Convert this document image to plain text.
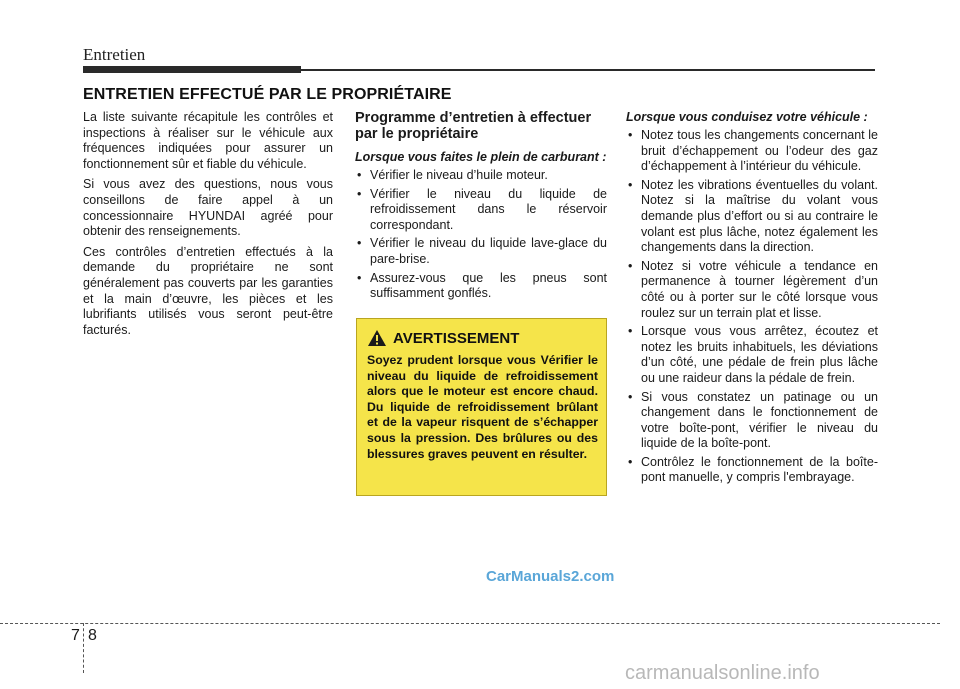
Entretien
ENTRETIEN EFFECTUÉ PAR LE PROPRIÉTAIRE

La liste suivante récapitule les contrôles et inspections à réaliser sur le véhicule aux fréquences indiquées pour assurer un fonctionnement sûr et fiable du véhicule.

Si vous avez des questions, nous vous conseillons de faire appel à un concessionnaire HYUNDAI agréé pour obtenir des renseignements.

Ces contrôles d’entretien effectués à la demande du propriétaire ne sont généralement pas couverts par les garanties et la main d’œuvre, les pièces et les lubrifiants utilisés vous seront peut-être facturés.

Programme d’entretien à effectuer par le propriétaire
Lorsque vous faites le plein de carburant :
• Vérifier le niveau d’huile moteur.
• Vérifier le niveau du liquide de refroidissement dans le réservoir correspondant.
• Vérifier le niveau du liquide lave-glace du pare-brise.
• Assurez-vous que les pneus sont suffisamment gonflés.
AVERTISSEMENT
Soyez prudent lorsque vous Vérifier le niveau du liquide de refroidissement alors que le moteur est encore chaud. Du liquide de refroidissement brûlant et de la vapeur risquent de s’échapper sous la pression. Des brûlures ou des blessures graves peuvent en résulter.
Lorsque vous conduisez votre véhicule :
• Notez tous les changements concernant le bruit d’échappement ou l’odeur des gaz d’échappement à l’intérieur du véhicule.
• Notez les vibrations éventuelles du volant. Notez si la maîtrise du volant vous demande plus d’effort ou si au contraire le volant est plus lâche, notez également les changements dans la direction.
• Notez si votre véhicule a tendance en permanence à tourner légèrement d’un côté ou à porter sur le côté lorsque vous roulez sur un terrain plat et lisse.
• Lorsque vous vous arrêtez, écoutez et notez les bruits inhabituels, les déviations d’un côté, une pédale de frein plus lâche ou une raideur dans la pédale de frein.
• Si vous constatez un patinage ou un changement dans le fonctionnement de votre boîte-pont, vérifier le niveau du liquide de la boîte-pont.
• Contrôlez le fonctionnement de la boîte-pont manuelle, y compris l'embrayage.
CarManuals2.com
7 8
carmanualsonline.info
